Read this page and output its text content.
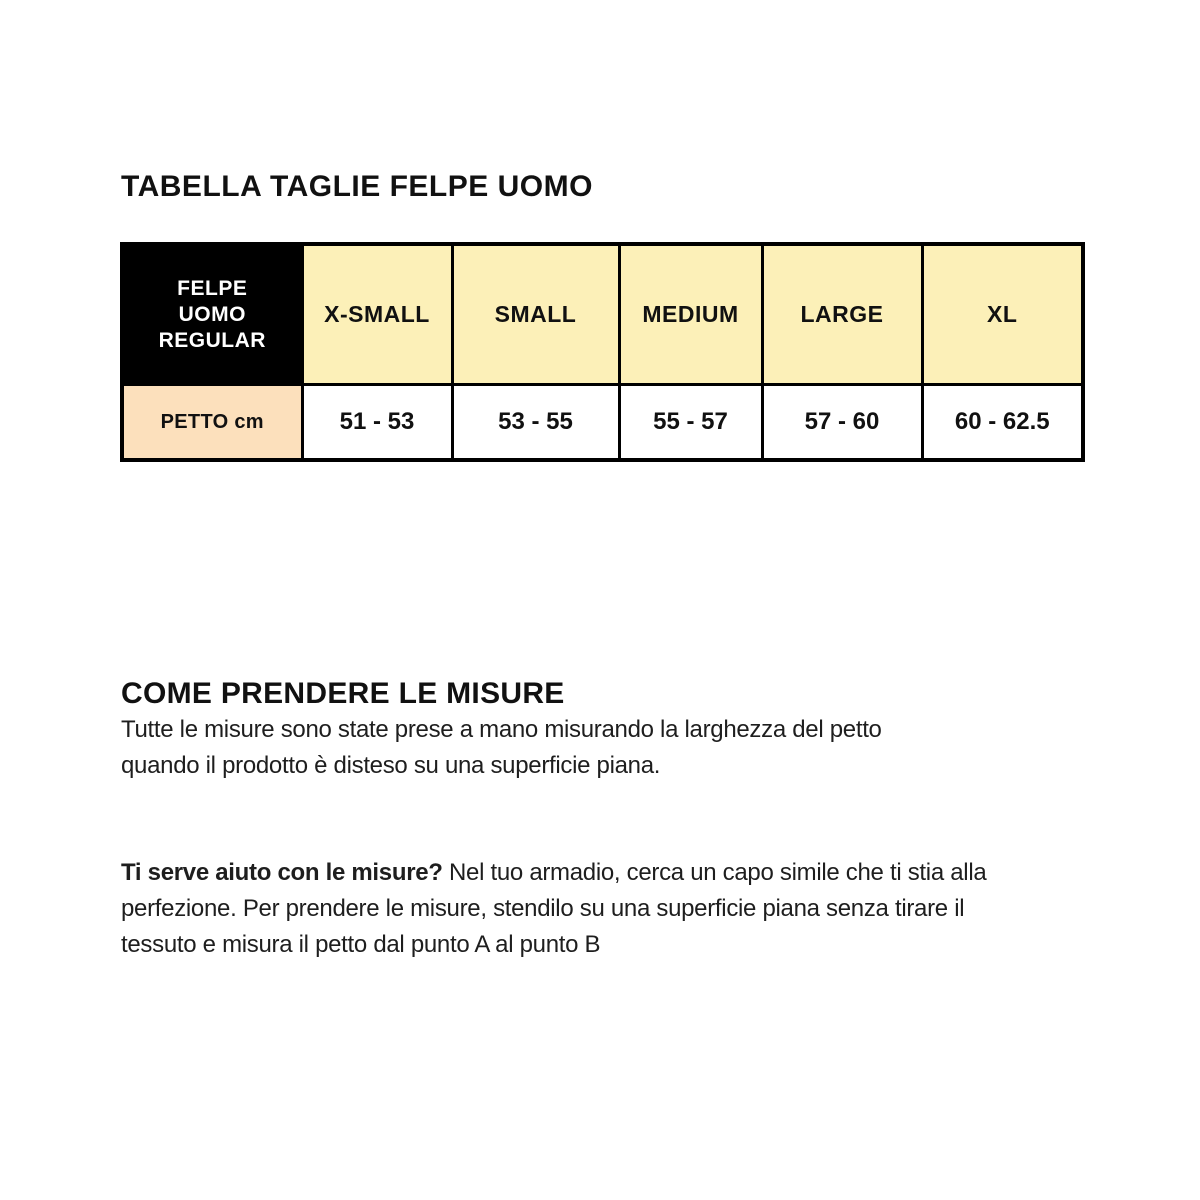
TABELLA TAGLIE FELPE UOMO
FELPE
UOMO
REGULAR	X-SMALL	SMALL	MEDIUM	LARGE	XL
PETTO cm	51 - 53	53 - 55	55 - 57	57 - 60	60 - 62.5
COME PRENDERE LE MISURE
Tutte le misure sono state prese a mano misurando la larghezza del petto
quando il prodotto è disteso su una superficie piana.
Ti serve aiuto con le misure? Nel tuo armadio, cerca un capo simile che ti stia alla
perfezione. Per prendere le misure, stendilo su una superficie piana senza tirare il
tessuto e misura il petto dal punto A al punto B
